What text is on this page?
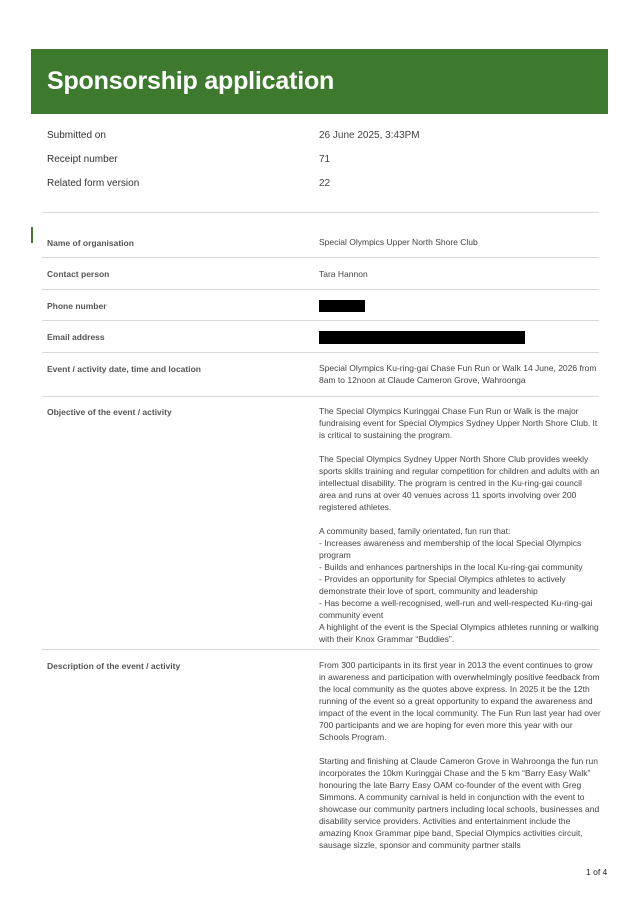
Sponsorship application
Submitted on	26 June 2025, 3:43PM
Receipt number	71
Related form version	22
Name of organisation	Special Olympics Upper North Shore Club
Contact person	Tara Hannon
Phone number
Email address
Event / activity date, time and location	Special Olympics Ku-ring-gai Chase Fun Run or Walk 14 June, 2026 from 8am to 12noon at Claude Cameron Grove, Wahroonga
Objective of the event / activity	The Special Olympics Kuringgai Chase Fun Run or Walk is the major fundraising event for Special Olympics Sydney Upper North Shore Club. It is critical to sustaining the program.

The Special Olympics Sydney Upper North Shore Club provides weekly sports skills training and regular competition for children and adults with an intellectual disability. The program is centred in the Ku-ring-gai council area and runs at over 40 venues across 11 sports involving over 200 registered athletes.

A community based, family orientated, fun run that:
- Increases awareness and membership of the local Special Olympics program
- Builds and enhances partnerships in the local Ku-ring-gai community
- Provides an opportunity for Special Olympics athletes to actively demonstrate their love of sport, community and leadership
- Has become a well-recognised, well-run and well-respected Ku-ring-gai community event
A highlight of the event is the Special Olympics athletes running or walking with their Knox Grammar “Buddies”.

Description of the event / activity	From 300 participants in its first year in 2013 the event continues to grow in awareness and participation with overwhelmingly positive feedback from the local community as the quotes above express. In 2025 it be the 12th running of the event so a great opportunity to expand the awareness and impact of the event in the local community. The Fun Run last year had over 700 participants and we are hoping for even more this year with our Schools Program.

Starting and finishing at Claude Cameron Grove in Wahroonga the fun run incorporates the 10km Kuringgai Chase and the 5 km “Barry Easy Walk” honouring the late Barry Easy OAM co-founder of the event with Greg Simmons. A community carnival is held in conjunction with the event to showcase our community partners including local schools, businesses and disability service providers. Activities and entertainment include the amazing Knox Grammar pipe band, Special Olympics activities circuit, sausage sizzle, sponsor and community partner stalls

1 of 4
